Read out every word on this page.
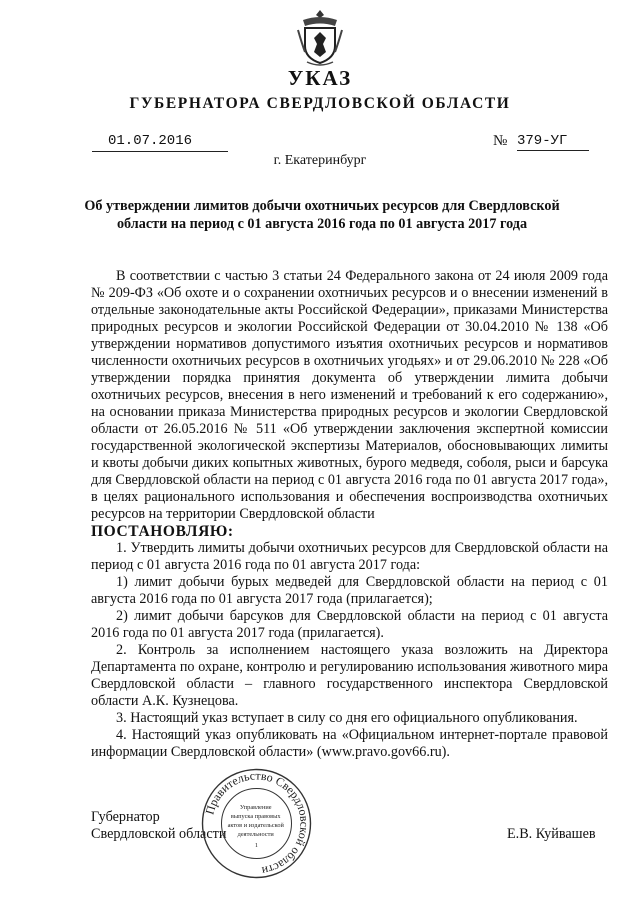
УКАЗ
ГУБЕРНАТОРА СВЕРДЛОВСКОЙ ОБЛАСТИ
01.07.2016	№ 379-УГ
г. Екатеринбург
Об утверждении лимитов добычи охотничьих ресурсов для Свердловской
области на период с 01 августа 2016 года по 01 августа 2017 года

В соответствии с частью 3 статьи 24 Федерального закона от 24 июля 2009 года № 209-ФЗ «Об охоте и о сохранении охотничьих ресурсов и о внесении изменений в отдельные законодательные акты Российской Федерации», приказами Министерства природных ресурсов и экологии Российской Федерации от 30.04.2010 № 138 «Об утверждении нормативов допустимого изъятия охотничьих ресурсов и нормативов численности охотничьих ресурсов в охотничьих угодьях» и от 29.06.2010 № 228 «Об утверждении порядка принятия документа об утверждении лимита добычи охотничьих ресурсов, внесения в него изменений и требований к его содержанию», на основании приказа Министерства природных ресурсов и экологии Свердловской области от 26.05.2016 № 511 «Об утверждении заключения экспертной комиссии государственной экологической экспертизы Материалов, обосновывающих лимиты и квоты добычи диких копытных животных, бурого медведя, соболя, рыси и барсука для Свердловской области на период с 01 августа 2016 года по 01 августа 2017 года», в целях рационального использования и обеспечения воспроизводства охотничьих ресурсов на территории Свердловской области

ПОСТАНОВЛЯЮ:

1. Утвердить лимиты добычи охотничьих ресурсов для Свердловской области на период с 01 августа 2016 года по 01 августа 2017 года:

1) лимит добычи бурых медведей для Свердловской области на период с 01 августа 2016 года по 01 августа 2017 года (прилагается);

2) лимит добычи барсуков для Свердловской области на период с 01 августа 2016 года по 01 августа 2017 года (прилагается).

2. Контроль за исполнением настоящего указа возложить на Директора Департамента по охране, контролю и регулированию использования животного мира Свердловской области – главного государственного инспектора Свердловской области А.К. Кузнецова.

3. Настоящий указ вступает в силу со дня его официального опубликования.

4. Настоящий указ опубликовать на «Официальном интернет-портале правовой информации Свердловской области» (www.pravo.gov66.ru).

Губернатор
Свердловской области	Е.В. Куйвашев
Правительство Свердловской области
Управление выпуска правовых актов и издательской деятельности 1
